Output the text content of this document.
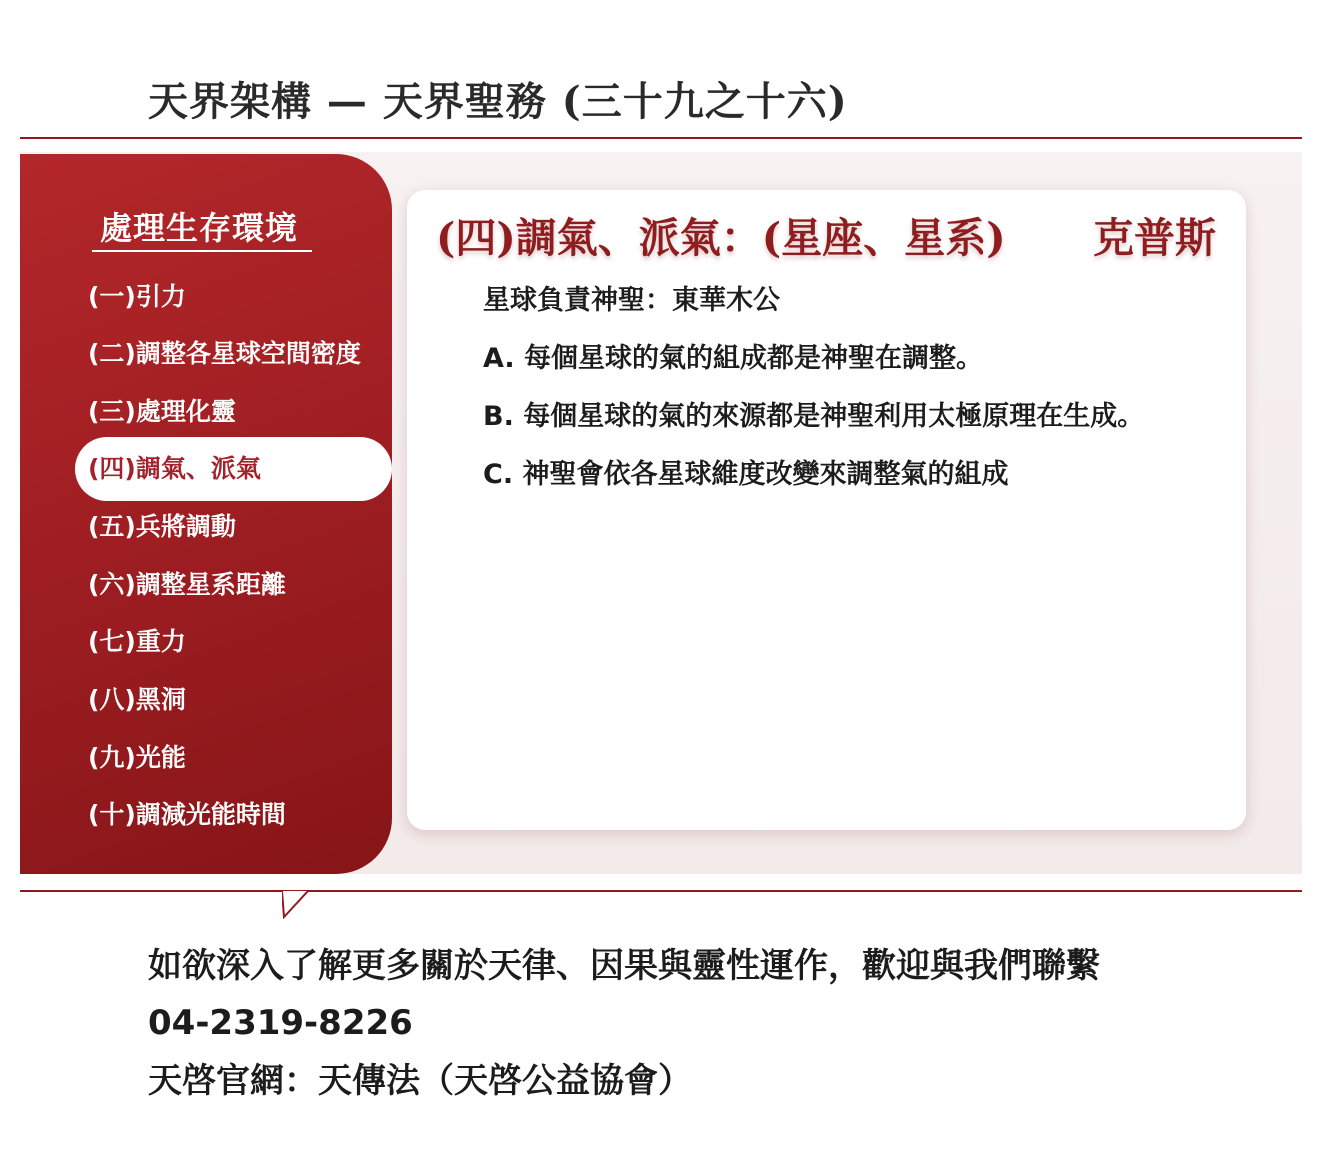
天界架構 — 天界聖務 (三十九之十六)
處理生存環境
(一)引力
(二)調整各星球空間密度
(三)處理化靈
(四)調氣、派氣
(五)兵將調動
(六)調整星系距離
(七)重力
(八)黑洞
(九)光能
(十)調減光能時間
(四)調氣、派氣：(星座、星系) 克普斯
星球負責神聖：東華木公
A. 每個星球的氣的組成都是神聖在調整。
B. 每個星球的氣的來源都是神聖利用太極原理在生成。
C. 神聖會依各星球維度改變來調整氣的組成
如欲深入了解更多關於天律、因果與靈性運作，歡迎與我們聯繫
04-2319-8226
天啓官網：天傳法（天啓公益協會）
